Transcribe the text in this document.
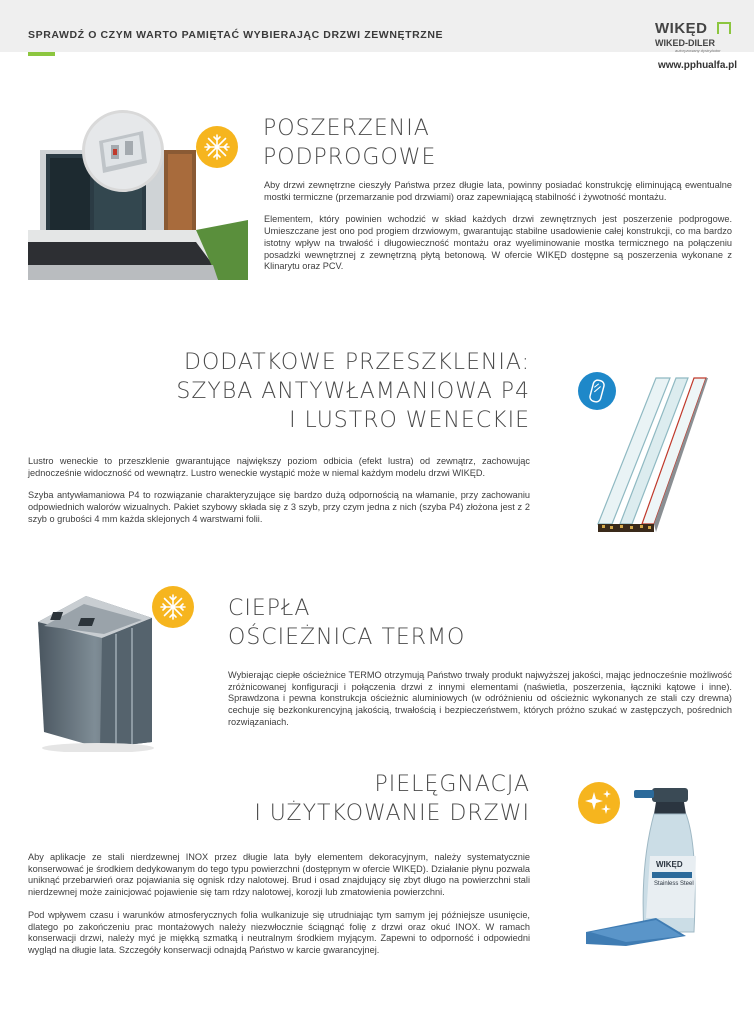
SPRAWDŹ O CZYM WARTO PAMIĘTAĆ WYBIERAJĄC DRZWI ZEWNĘTRZNE	WIKĘD
WIKED-DILER
autoryzowany dystrybutor
www.pphualfa.pl
POSZERZENIA
PODPROGOWE

Aby drzwi zewnętrzne cieszyły Państwa przez długie lata, powinny posiadać konstrukcję eliminującą ewentualne mostki termiczne (przemarzanie pod drzwiami) oraz zapewniającą stabilność i żywotność montażu.

Elementem, który powinien wchodzić w skład każdych drzwi zewnętrznych jest poszerzenie podprogowe. Umieszczane jest ono pod progiem drzwiowym, gwarantując stabilne usadowienie całej konstrukcji, co ma bardzo istotny wpływ na trwałość i długowieczność montażu oraz wyeliminowanie mostka termicznego na połączeniu posadzki wewnętrznej z zewnętrzną płytą betonową. W ofercie WIKĘD dostępne są poszerzenia wykonane z Klinarytu oraz PCV.

DODATKOWE PRZESZKLENIA:
SZYBA ANTYWŁAMANIOWA P4
I LUSTRO WENECKIE

Lustro weneckie to przeszklenie gwarantujące największy poziom odbicia (efekt lustra) od zewnątrz, zachowując jednocześnie widoczność od wewnątrz. Lustro weneckie wystąpić może w niemal każdym modelu drzwi WIKĘD.

Szyba antywłamaniowa P4 to rozwiązanie charakteryzujące się bardzo dużą odpornością na włamanie, przy zachowaniu odpowiednich walorów wizualnych. Pakiet szybowy składa się z 3 szyb, przy czym jedna z nich (szyba P4) złożona jest z 2 szyb o grubości 4 mm każda sklejonych 4 warstwami folii.

CIEPŁA
OŚCIEŻNICA TERMO

Wybierając ciepłe ościeżnice TERMO otrzymują Państwo trwały produkt najwyższej jakości, mając jednocześnie możliwość zróżnicowanej konfiguracji i połączenia drzwi z innymi elementami (naświetla, poszerzenia, łączniki kątowe i inne). Sprawdzona i pewna konstrukcja ościeżnic aluminiowych (w odróżnieniu od ościeżnic wykonanych ze stali czy drewna) cechuje się bezkonkurencyjną jakością, trwałością i bezpieczeństwem, których próżno szukać w zastępczych, pośrednich rozwiązaniach.

PIELĘGNACJA
I UŻYTKOWANIE DRZWI

Aby aplikacje ze stali nierdzewnej INOX przez długie lata były elementem dekoracyjnym, należy systematycznie konserwować je środkiem dedykowanym do tego typu powierzchni (dostępnym w ofercie WIKĘD). Działanie płynu pozwala uniknąć przebarwień oraz pojawiania się ognisk rdzy nalotowej. Brud i osad znajdujący się zbyt długo na powierzchni stali nierdzewnej może zainicjować pojawienie się tam rdzy nalotowej, korozji lub zmatowienia powierzchni.

Pod wpływem czasu i warunków atmosferycznych folia wulkanizuje się utrudniając tym samym jej późniejsze usunięcie, dlatego po zakończeniu prac montażowych należy niezwłocznie ściągnąć folię z drzwi oraz okuć INOX. W ramach konserwacji drzwi, należy myć je miękką szmatką i neutralnym środkiem myjącym. Zapewni to odporność i odpowiedni wygląd na długie lata. Szczegóły konserwacji odnajdą Państwo w karcie gwarancyjnej.

WIKĘD
Stainless Steel
